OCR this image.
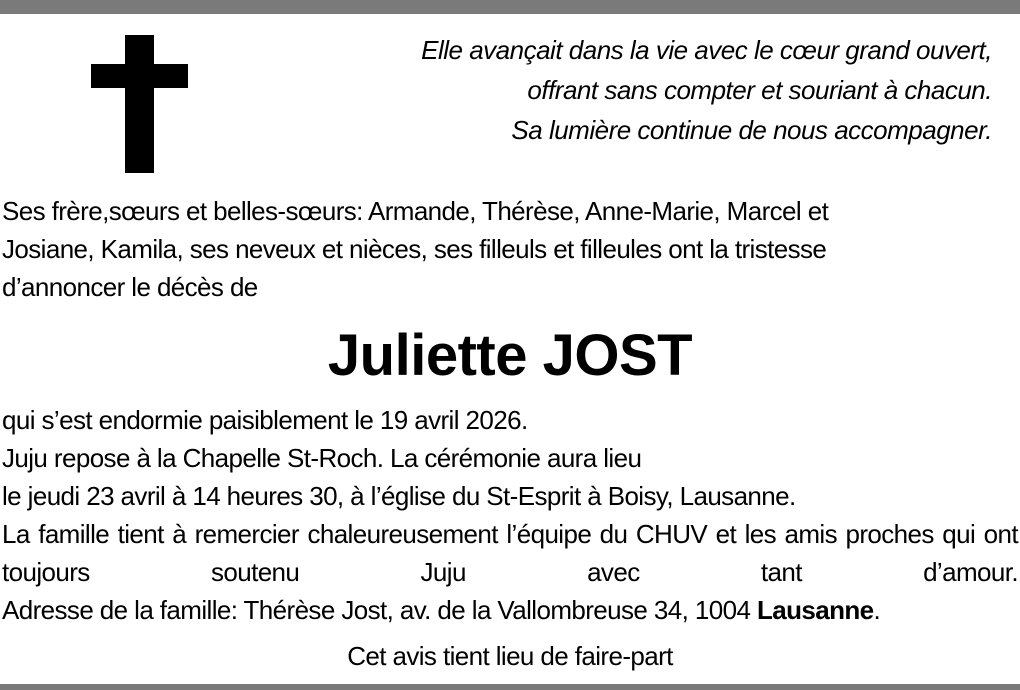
Elle avançait dans la vie avec le cœur grand ouvert,
offrant sans compter et souriant à chacun.
Sa lumière continue de nous accompagner.
Ses frère,sœurs et belles-sœurs: Armande, Thérèse, Anne-Marie, Marcel et
Josiane, Kamila, ses neveux et nièces, ses filleuls et filleules ont la tristesse
d’annoncer le décès de
Juliette JOST
qui s’est endormie paisiblement le 19 avril 2026.
Juju repose à la Chapelle St-Roch. La cérémonie aura lieu
le jeudi 23 avril à 14 heures 30, à l’église du St-Esprit à Boisy, Lausanne.
La famille tient à remercier chaleureusement l’équipe du CHUV et les amis proches qui ont toujours soutenu Juju avec tant d’amour.
Adresse de la famille: Thérèse Jost, av. de la Vallombreuse 34, 1004 Lausanne.
Cet avis tient lieu de faire-part
